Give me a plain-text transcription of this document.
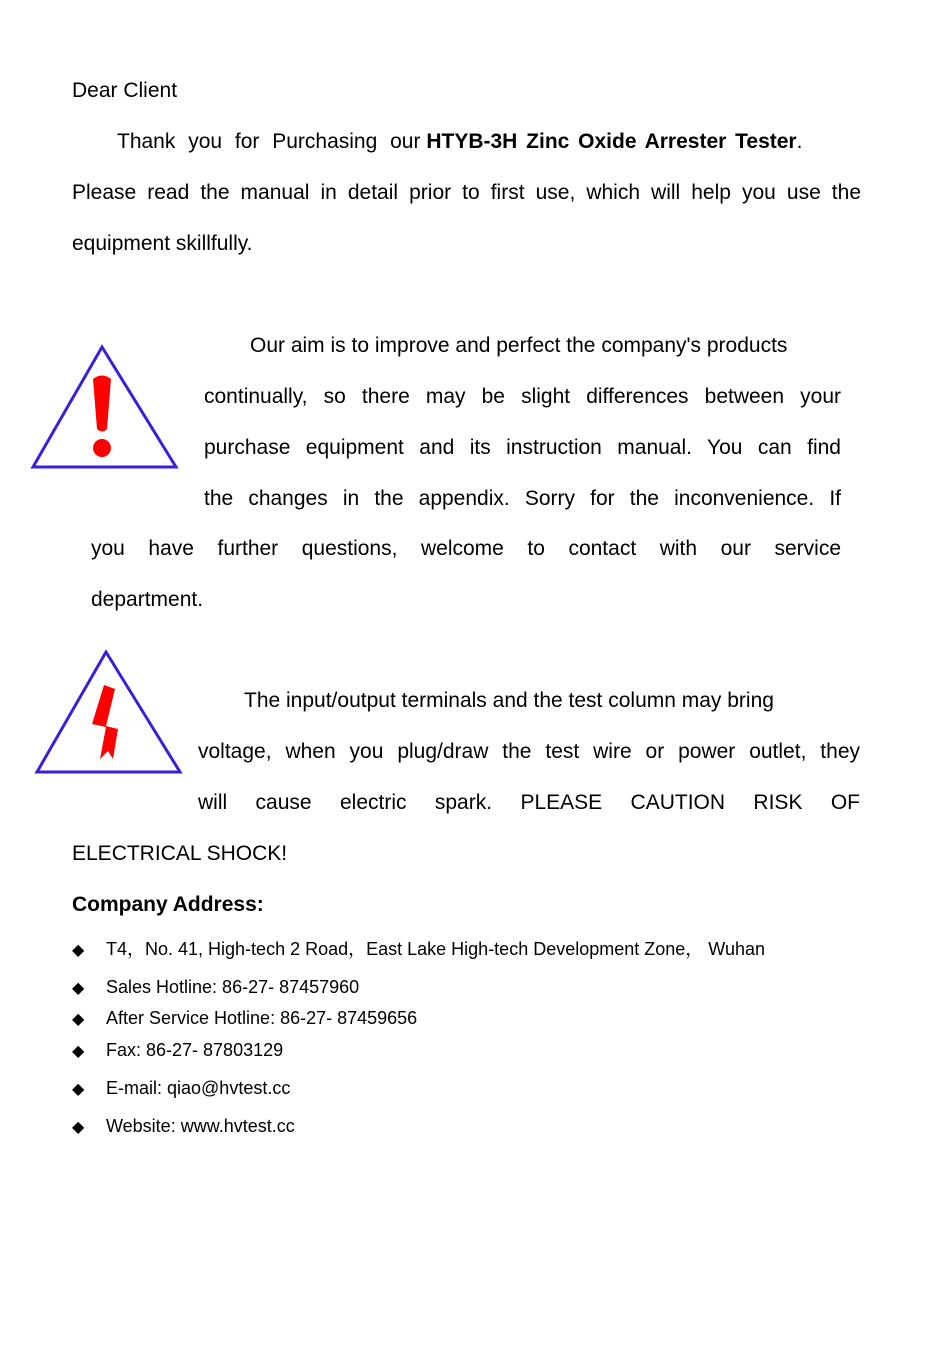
Dear Client
Thank you for Purchasing our HTYB-3H Zinc Oxide Arrester Tester.
Please read the manual in detail prior to first use, which will help you use the
equipment skillfully.
Our aim is to improve and perfect the company's products
continually, so there may be slight differences between your
purchase equipment and its instruction manual. You can find
the changes in the appendix. Sorry for the inconvenience. If
you have further questions, welcome to contact with our service
department.
The input/output terminals and the test column may bring
voltage, when you plug/draw the test wire or power outlet, they
will cause electric spark. PLEASE CAUTION RISK OF
ELECTRICAL SHOCK!
Company Address:
◆ T4，No. 41, High-tech 2 Road，East Lake High-tech Development Zone， Wuhan
◆ Sales Hotline: 86-27- 87457960
◆ After Service Hotline: 86-27- 87459656
◆ Fax: 86-27- 87803129
◆ E-mail: qiao@hvtest.cc
◆ Website: www.hvtest.cc
